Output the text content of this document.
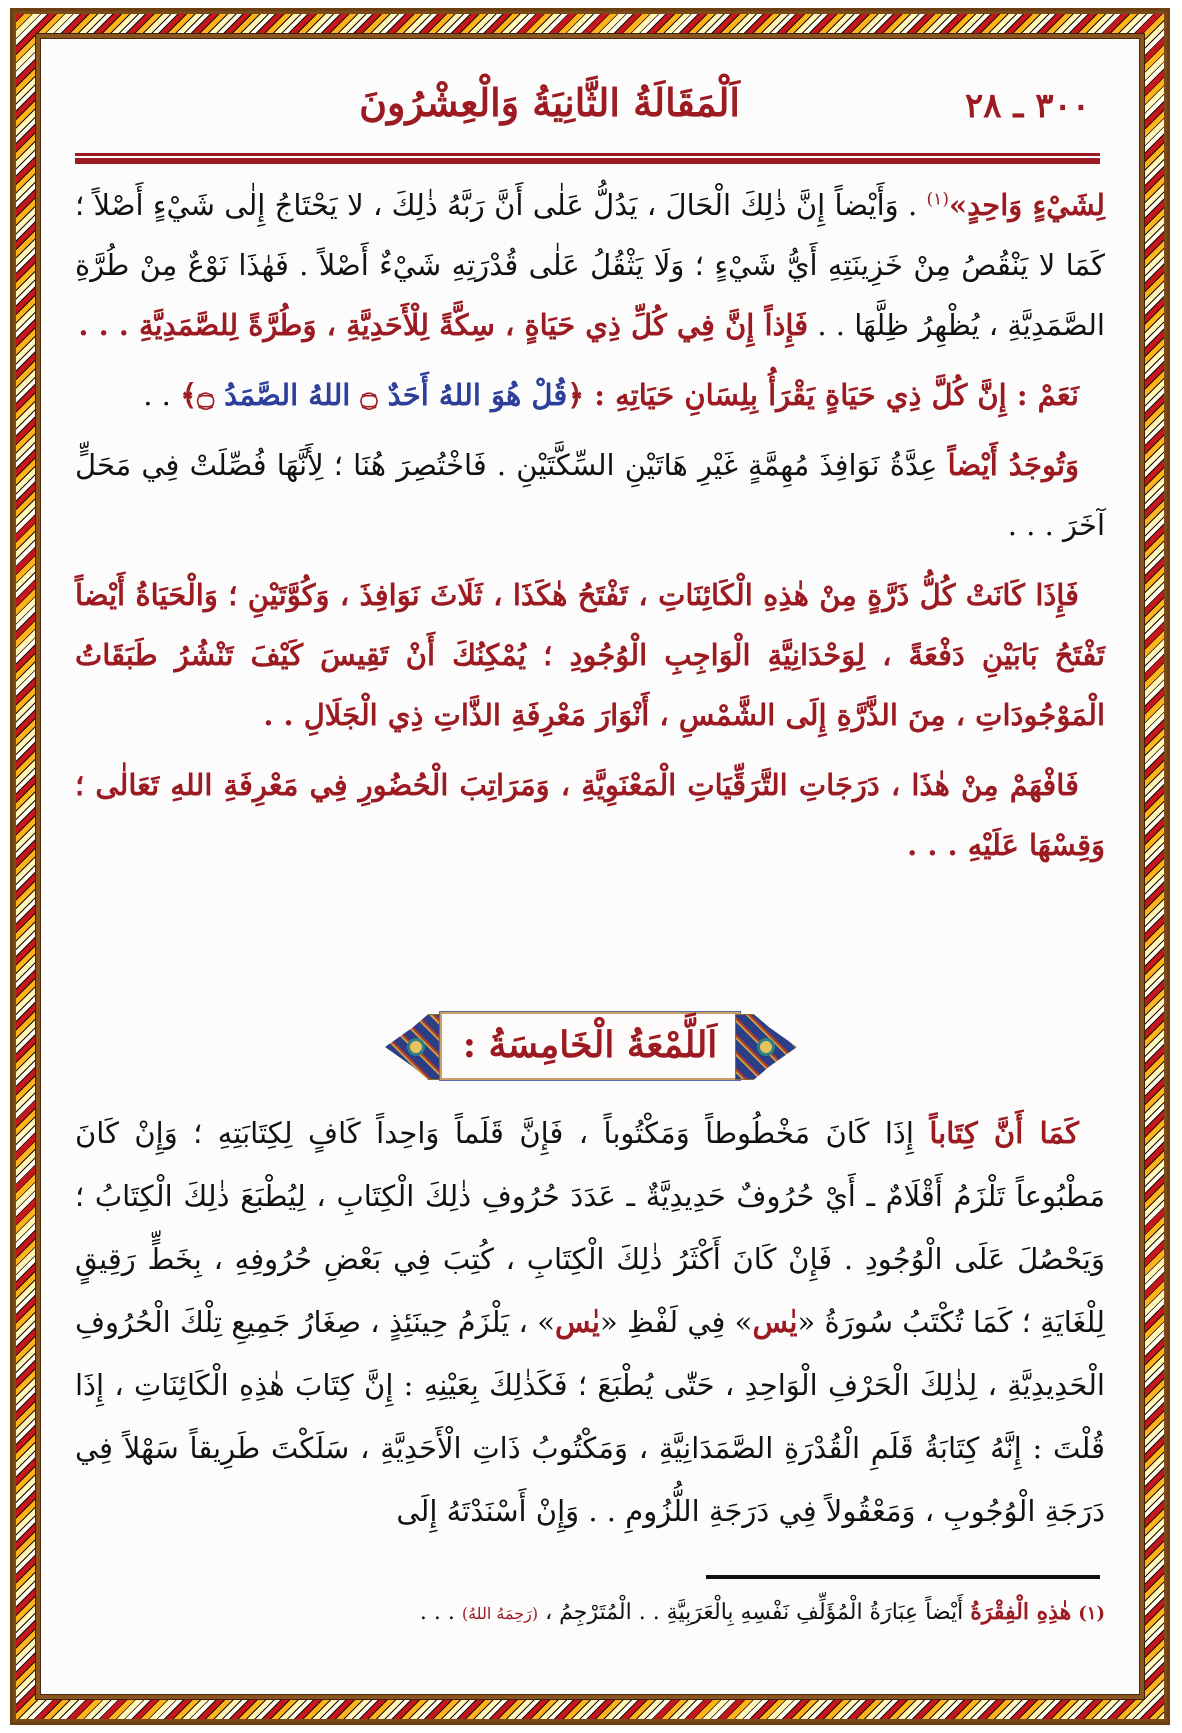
٣٠٠ ـ ٢٨
اَلْمَقَالَةُ الثَّانِيَةُ وَالْعِشْرُونَ

لِشَيْءٍ وَاحِدٍ»$^{(١)}$ . وَأَيْضاً إِنَّ ذٰلِكَ الْحَالَ ، يَدُلُّ عَلٰى أَنَّ رَبَّهُ ذٰلِكَ ، لا يَحْتَاجُ إِلٰى شَيْءٍ أَصْلاً ؛ كَمَا لا يَنْقُصُ مِنْ خَزِينَتِهِ أَيُّ شَيْءٍ ؛ وَلَا يَثْقُلُ عَلٰى قُدْرَتِهِ شَيْءٌ أَصْلاً . فَهٰذَا نَوْعٌ مِنْ طُرَّةِ الصَّمَدِيَّةِ ، يُظْهِرُ ظِلَّهَا . . فَإِذاً إِنَّ فِي كُلِّ ذِي حَيَاةٍ ، سِكَّةً لِلْأَحَدِيَّةِ ، وَطُرَّةً لِلصَّمَدِيَّةِ . . .

نَعَمْ : إِنَّ كُلَّ ذِي حَيَاةٍ يَقْرَأُ بِلِسَانِ حَيَاتِهِ : ﴿قُلْ هُوَ اللهُ أَحَدٌ ۝ اللهُ الصَّمَدُ ۝﴾ . .

وَتُوجَدُ أَيْضاً عِدَّةُ نَوَافِذَ مُهِمَّةٍ غَيْرِ هَاتَيْنِ السِّكَّتَيْنِ . فَاخْتُصِرَ هُنَا ؛ لِأَنَّهَا فُصِّلَتْ فِي مَحَلٍّ آخَرَ . . .

فَإِذَا كَانَتْ كُلُّ ذَرَّةٍ مِنْ هٰذِهِ الْكَائِنَاتِ ، تَفْتَحُ هٰكَذَا ، ثَلَاثَ نَوَافِذَ ، وَكُوَّتَيْنِ ؛ وَالْحَيَاةُ أَيْضاً تَفْتَحُ بَابَيْنِ دَفْعَةً ، لِوَحْدَانِيَّةِ الْوَاجِبِ الْوُجُودِ ؛ يُمْكِنُكَ أَنْ تَقِيسَ كَيْفَ تَنْشُرُ طَبَقَاتُ الْمَوْجُودَاتِ ، مِنَ الذَّرَّةِ إِلَى الشَّمْسِ ، أَنْوَارَ مَعْرِفَةِ الذَّاتِ ذِي الْجَلَالِ . .

فَافْهَمْ مِنْ هٰذَا ، دَرَجَاتِ التَّرَقِّيَاتِ الْمَعْنَوِيَّةِ ، وَمَرَاتِبَ الْحُضُورِ فِي مَعْرِفَةِ اللهِ تَعَالٰى ؛ وَقِسْهَا عَلَيْهِ . . .

اَللَّمْعَةُ الْخَامِسَةُ :

كَمَا أَنَّ كِتَاباً إِذَا كَانَ مَخْطُوطاً وَمَكْتُوباً ، فَإِنَّ قَلَماً وَاحِداً كَافٍ لِكِتَابَتِهِ ؛ وَإِنْ كَانَ مَطْبُوعاً تَلْزَمُ أَقْلَامٌ ـ أَيْ حُرُوفٌ حَدِيدِيَّةٌ ـ عَدَدَ حُرُوفِ ذٰلِكَ الْكِتَابِ ، لِيُطْبَعَ ذٰلِكَ الْكِتَابُ ؛ وَيَحْصُلَ عَلَى الْوُجُودِ . فَإِنْ كَانَ أَكْثَرُ ذٰلِكَ الْكِتَابِ ، كُتِبَ فِي بَعْضِ حُرُوفِهِ ، بِخَطٍّ رَقِيقٍ لِلْغَايَةِ ؛ كَمَا تُكْتَبُ سُورَةُ «يٰس» فِي لَفْظِ «يٰس» ، يَلْزَمُ حِينَئِذٍ ، صِغَارُ جَمِيعِ تِلْكَ الْحُرُوفِ الْحَدِيدِيَّةِ ، لِذٰلِكَ الْحَرْفِ الْوَاحِدِ ، حَتّٰى يُطْبَعَ ؛ فَكَذٰلِكَ بِعَيْنِهِ : إِنَّ كِتَابَ هٰذِهِ الْكَائِنَاتِ ، إِذَا قُلْتَ : إِنَّهُ كِتَابَةُ قَلَمِ الْقُدْرَةِ الصَّمَدَانِيَّةِ ، وَمَكْتُوبُ ذَاتِ الْأَحَدِيَّةِ ، سَلَكْتَ طَرِيقاً سَهْلاً فِي دَرَجَةِ الْوُجُوبِ ، وَمَعْقُولاً فِي دَرَجَةِ اللُّزُومِ . . وَإِنْ أَسْنَدْتَهُ إِلَى

(١) هٰذِهِ الْفِقْرَةُ أَيْضاً عِبَارَةُ الْمُؤَلِّفِ نَفْسِهِ بِالْعَرَبِيَّةِ . . الْمُتَرْجِمُ ، (رَحِمَهُ اللهُ) . . .
